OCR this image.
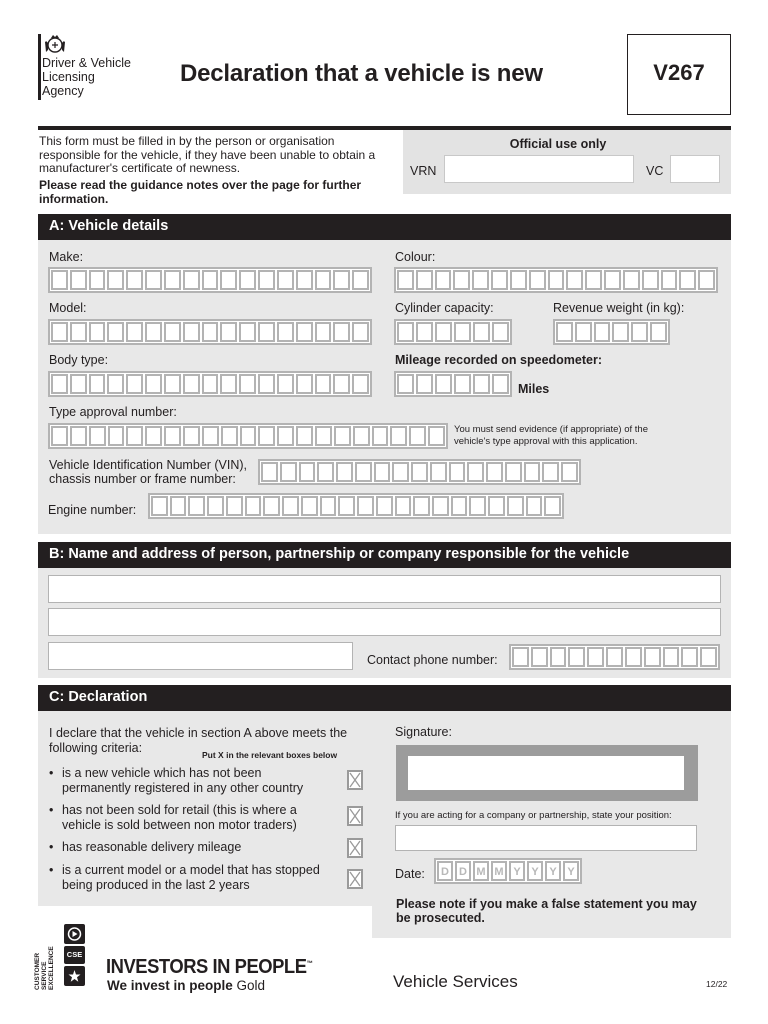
Driver & Vehicle
Licensing
Agency
Declaration that a vehicle is new	V267
This form must be filled in by the person or organisation responsible for the vehicle, if they have been unable to obtain a manufacturer's certificate of newness.
Please read the guidance notes over the page for further information.
Official use only
VRN	VC
A: Vehicle details
Make:	Colour:
Model:	Cylinder capacity:	Revenue weight (in kg):
Body type:	Mileage recorded on speedometer:
Miles
Type approval number:
You must send evidence (if appropriate) of the vehicle's type approval with this application.
Vehicle Identification Number (VIN),
chassis number or frame number:
Engine number:
B: Name and address of person, partnership or company responsible for the vehicle
Contact phone number:
C: Declaration
I declare that the vehicle in section A above meets the following criteria:
Put X in the relevant boxes below
• is a new vehicle which has not been permanently registered in any other country
• has not been sold for retail (this is where a vehicle is sold between non motor traders)
• has reasonable delivery mileage
• is a current model or a model that has stopped being produced in the last 2 years
Signature:
If you are acting for a company or partnership, state your position:
Date:	D D M M Y Y Y Y
Please note if you make a false statement you may be prosecuted.
CUSTOMER SERVICE EXCELLENCE	CSE
INVESTORS IN PEOPLE™
We invest in people Gold	Vehicle Services	12/22
